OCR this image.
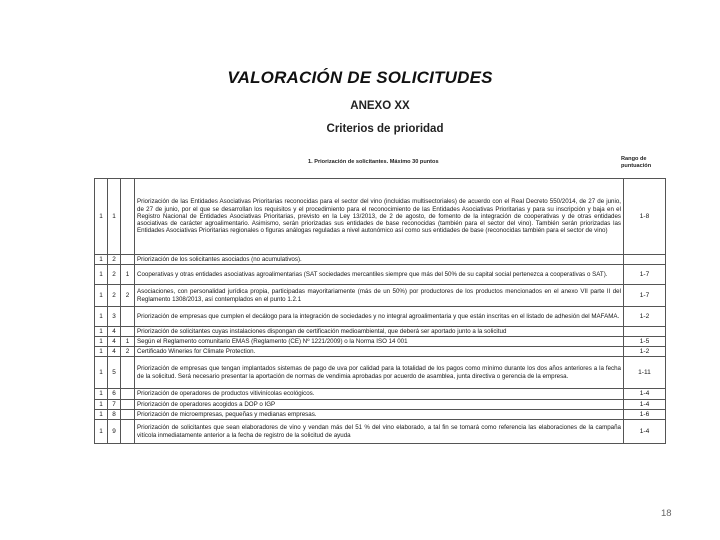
VALORACIÓN DE SOLICITUDES
ANEXO XX
Criterios de prioridad
1. Priorización de solicitantes. Máximo 30 puntos	Rango de puntuación
1	1		Priorización de las Entidades Asociativas Prioritarias reconocidas para el sector del vino (incluidas multisectoriales) de acuerdo con el Real Decreto 550/2014, de 27 de junio, de 27 de junio, por el que se desarrollan los requisitos y el procedimiento para el reconocimiento de las Entidades Asociativas Prioritarias y para su inscripción y baja en el Registro Nacional de Entidades Asociativas Prioritarias, previsto en la Ley 13/2013, de 2 de agosto, de fomento de la integración de cooperativas y de otras entidades asociativas de carácter agroalimentario. Asimismo, serán priorizadas sus entidades de base reconocidas (también para el sector del vino). También serán priorizadas las Entidades Asociativas Prioritarias regionales o figuras análogas reguladas a nivel autonómico así como sus entidades de base (reconocidas también para el sector de vino)	1-8
1	2		Priorización de los solicitantes asociados (no acumulativos).	
1	2	1	Cooperativas y otras entidades asociativas agroalimentarias (SAT sociedades mercantiles siempre que más del 50% de su capital social pertenezca a cooperativas o SAT).	1-7
1	2	2	Asociaciones, con personalidad jurídica propia, participadas mayoritariamente (más de un 50%) por productores de los productos mencionados en el anexo VII parte II del Reglamento 1308/2013, así contemplados en el punto 1.2.1	1-7
1	3		Priorización de empresas que cumplen el decálogo para la integración de sociedades y no integral agroalimentaria y que están inscritas en el listado de adhesión del MAFAMA.	1-2
1	4		Priorización de solicitantes cuyas instalaciones dispongan de certificación medioambiental, que deberá ser aportado junto a la solicitud	
1	4	1	Según el Reglamento comunitario EMAS (Reglamento (CE) Nº 1221/2009) o la Norma ISO 14 001	1-5
1	4	2	Certificado Wineries for Climate Protection.	1-2
1	5		Priorización de empresas que tengan implantados sistemas de pago de uva por calidad para la totalidad de los pagos como mínimo durante los dos años anteriores a la fecha de la solicitud. Será necesario presentar la aportación de normas de vendimia aprobadas por acuerdo de asamblea, junta directiva o gerencia de la empresa.	1-11
1	6		Priorización de operadores de productos vitivinícolas ecológicos.	1-4
1	7		Priorización de operadores acogidos a DOP o IGP	1-4
1	8		Priorización de microempresas, pequeñas y medianas empresas.	1-6
1	9		Priorización de solicitantes que sean elaboradores de vino y vendan más del 51 % del vino elaborado, a tal fin se tomará como referencia las elaboraciones de la campaña vitícola inmediatamente anterior a la fecha de registro de la solicitud de ayuda	1-4
18
